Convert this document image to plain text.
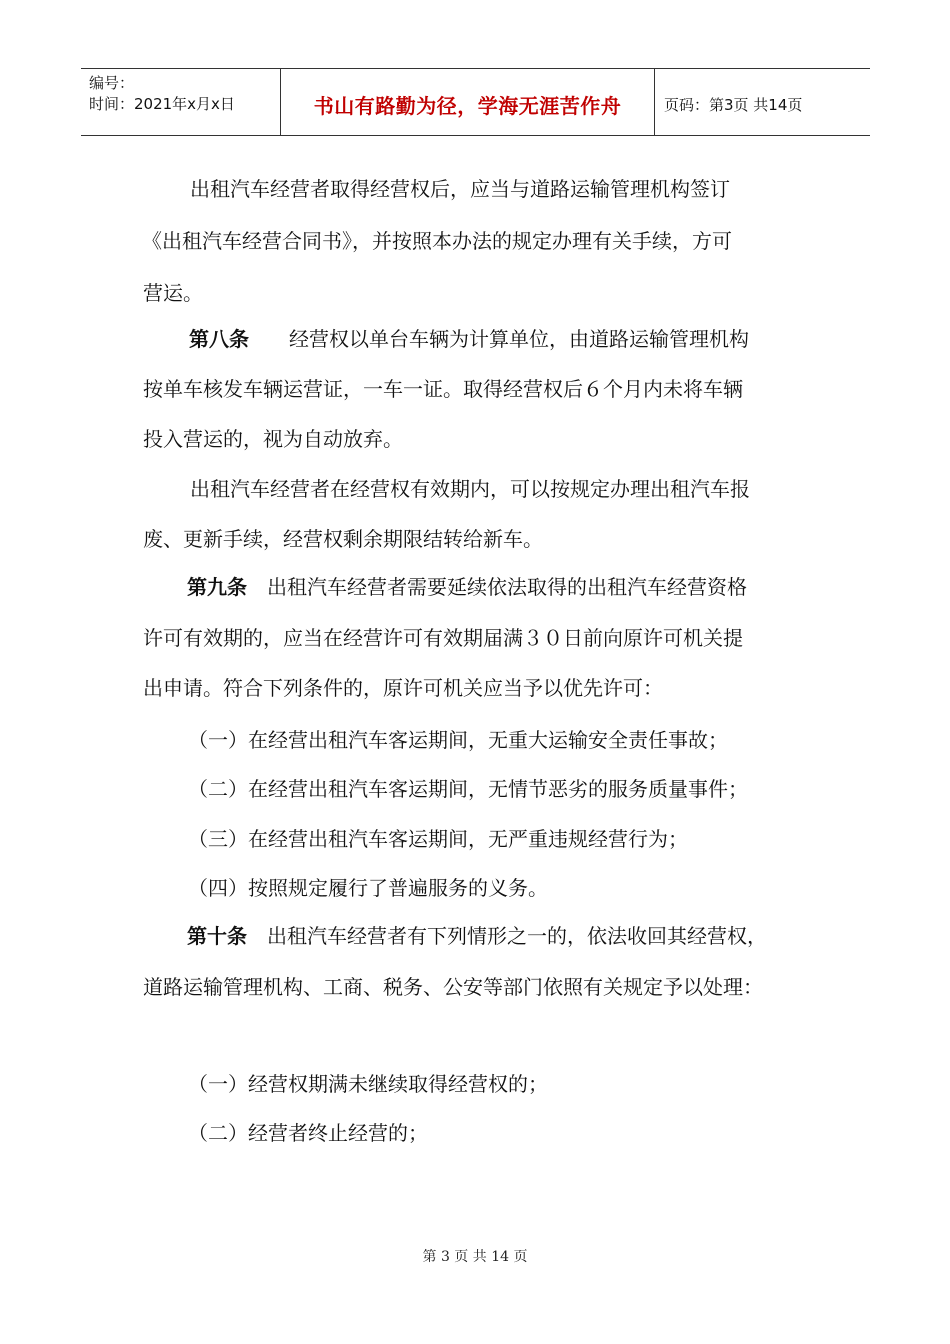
编号：
时间：2021年x月x日	书山有路勤为径，学海无涯苦作舟	页码：第3页 共14页
出租汽车经营者取得经营权后，应当与道路运输管理机构签订
《出租汽车经营合同书》，并按照本办法的规定办理有关手续，方可
营运。
第八条　　经营权以单台车辆为计算单位，由道路运输管理机构
按单车核发车辆运营证，一车一证。取得经营权后６个月内未将车辆
投入营运的，视为自动放弃。
出租汽车经营者在经营权有效期内，可以按规定办理出租汽车报
废、更新手续，经营权剩余期限结转给新车。
第九条　出租汽车经营者需要延续依法取得的出租汽车经营资格
许可有效期的，应当在经营许可有效期届满３０日前向原许可机关提
出申请。符合下列条件的，原许可机关应当予以优先许可：
（一）在经营出租汽车客运期间，无重大运输安全责任事故；
（二）在经营出租汽车客运期间，无情节恶劣的服务质量事件；
（三）在经营出租汽车客运期间，无严重违规经营行为；
（四）按照规定履行了普遍服务的义务。
第十条　出租汽车经营者有下列情形之一的，依法收回其经营权，
道路运输管理机构、工商、税务、公安等部门依照有关规定予以处理：
（一）经营权期满未继续取得经营权的；
（二）经营者终止经营的；
第 3 页 共 14 页
